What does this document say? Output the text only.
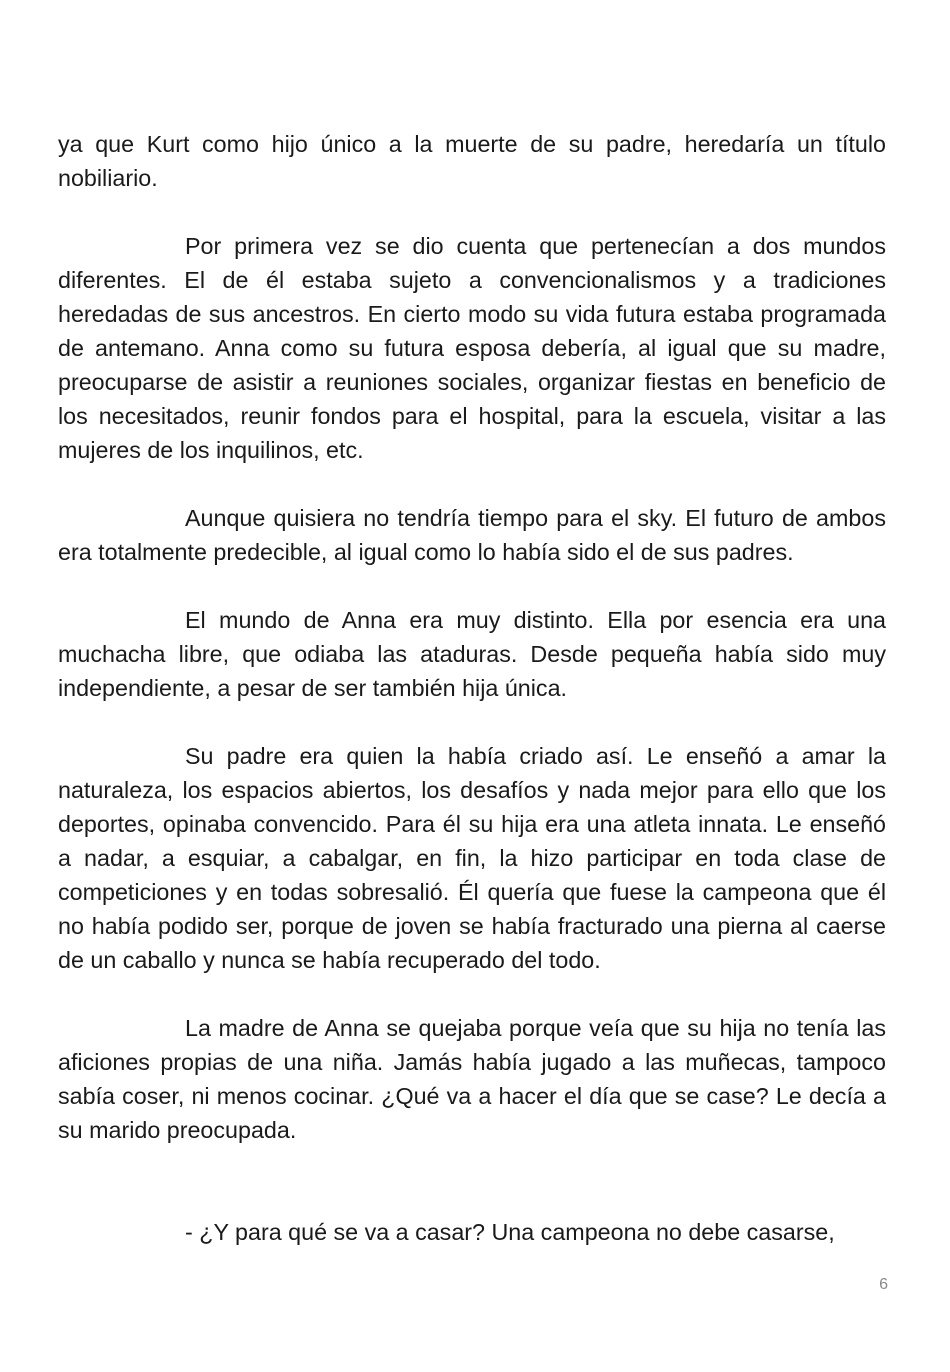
ya que Kurt como hijo único a la muerte de su padre, heredaría un título nobiliario.

Por primera vez se dio cuenta que pertenecían a dos mundos diferentes. El de él estaba sujeto a convencionalismos y a tradiciones heredadas de sus ancestros. En cierto modo su vida futura estaba programada de antemano. Anna como su futura esposa debería, al igual que su madre, preocuparse de asistir a reuniones sociales, organizar fiestas en beneficio de los necesitados, reunir fondos para el hospital, para la escuela, visitar a las mujeres de los inquilinos, etc.

Aunque quisiera no tendría tiempo para el sky. El futuro de ambos era totalmente predecible, al igual como lo había sido el de sus padres.

El mundo de Anna era muy distinto. Ella por esencia era una muchacha libre, que odiaba las ataduras. Desde pequeña había sido muy independiente, a pesar de ser también hija única.

Su padre era quien la había criado así. Le enseñó a amar la naturaleza, los espacios abiertos, los desafíos y nada mejor para ello que los deportes, opinaba convencido. Para él su hija era una atleta innata. Le enseñó a nadar, a esquiar, a cabalgar, en fin, la hizo participar en toda clase de competiciones y en todas sobresalió. Él quería que fuese la campeona que él no había podido ser, porque de joven se había fracturado una pierna al caerse de un caballo y nunca se había recuperado del todo.

La madre de Anna se quejaba porque veía que su hija no tenía las aficiones propias de una niña. Jamás había jugado a las muñecas, tampoco sabía coser, ni menos cocinar. ¿Qué va a hacer el día que se case? Le decía a su marido preocupada.

- ¿Y para qué se va a casar? Una campeona no debe casarse,

6
